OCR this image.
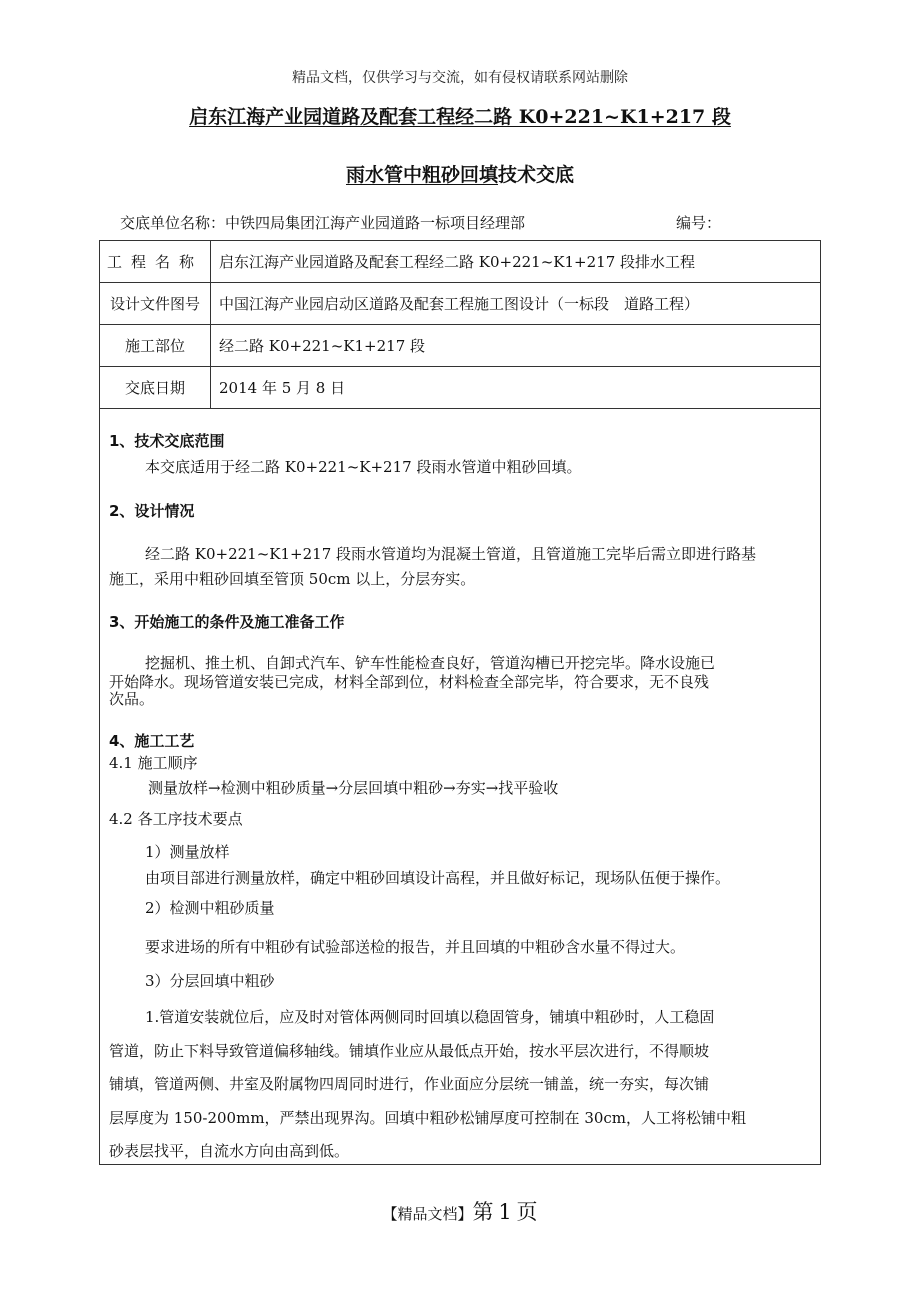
精品文档，仅供学习与交流，如有侵权请联系网站删除
启东江海产业园道路及配套工程经二路 K0+221~K1+217 段
雨水管中粗砂回填技术交底
交底单位名称：中铁四局集团江海产业园道路一标项目经理部	编号：
工程名称	启东江海产业园道路及配套工程经二路 K0+221~K1+217 段排水工程
设计文件图号	中国江海产业园启动区道路及配套工程施工图设计（一标段　道路工程）
施工部位	经二路 K0+221~K1+217 段
交底日期	2014 年 5 月 8 日
1、技术交底范围
本交底适用于经二路 K0+221~K+217 段雨水管道中粗砂回填。
2、设计情况
经二路 K0+221~K1+217 段雨水管道均为混凝土管道，且管道施工完毕后需立即进行路基
施工，采用中粗砂回填至管顶 50cm 以上，分层夯实。
3、开始施工的条件及施工准备工作
挖掘机、推土机、自卸式汽车、铲车性能检查良好，管道沟槽已开挖完毕。降水设施已
开始降水。现场管道安装已完成，材料全部到位，材料检查全部完毕，符合要求，无不良残
次品。
4、施工工艺
4.1 施工顺序
测量放样→检测中粗砂质量→分层回填中粗砂→夯实→找平验收
4.2 各工序技术要点
1）测量放样
由项目部进行测量放样，确定中粗砂回填设计高程，并且做好标记，现场队伍便于操作。
2）检测中粗砂质量
要求进场的所有中粗砂有试验部送检的报告，并且回填的中粗砂含水量不得过大。
3）分层回填中粗砂
1.管道安装就位后，应及时对管体两侧同时回填以稳固管身，铺填中粗砂时，人工稳固
管道，防止下料导致管道偏移轴线。铺填作业应从最低点开始，按水平层次进行，不得顺坡
铺填，管道两侧、井室及附属物四周同时进行，作业面应分层统一铺盖，统一夯实，每次铺
层厚度为 150-200mm，严禁出现界沟。回填中粗砂松铺厚度可控制在 30cm，人工将松铺中粗
砂表层找平，自流水方向由高到低。
【精品文档】第 1 页
